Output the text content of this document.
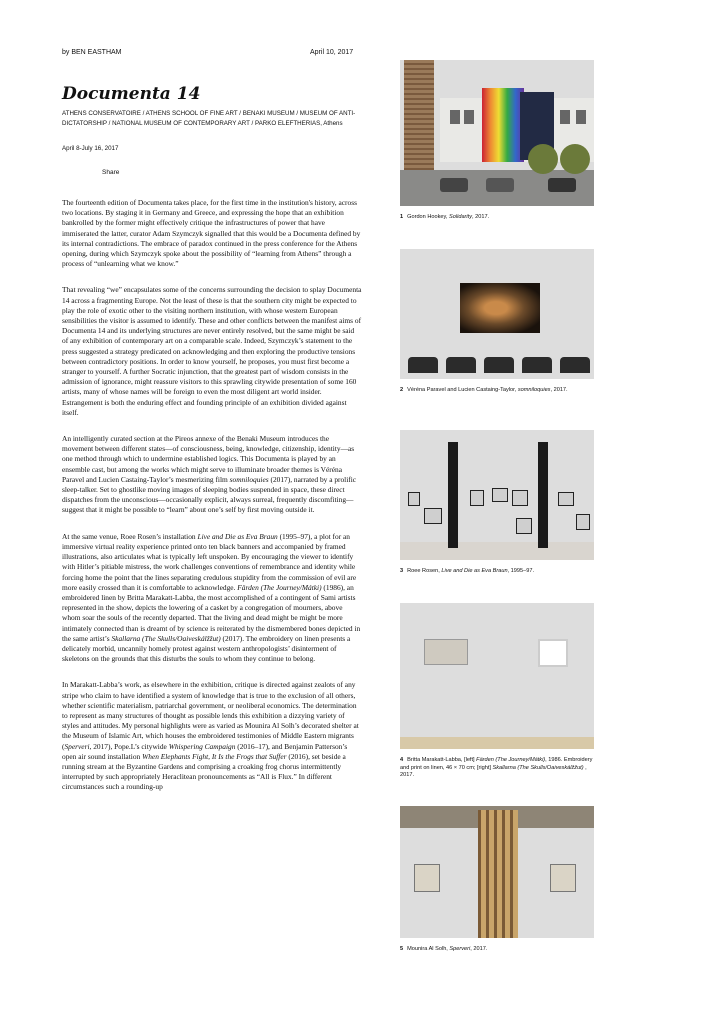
by BEN EASTHAM	April 10, 2017
Documenta 14
ATHENS CONSERVATOIRE / ATHENS SCHOOL OF FINE ART / BENAKI MUSEUM / MUSEUM OF ANTI-DICTATORSHIP / NATIONAL MUSEUM OF CONTEMPORARY ART / PARKO ELEFTHERIAS, Athens
April 8-July 16, 2017
Share

The fourteenth edition of Documenta takes place, for the first time in the institution's history, across two locations. By staging it in Germany and Greece, and expressing the hope that an exhibition bankrolled by the former might effectively critique the infrastructures of power that have immiserated the latter, curator Adam Szymczyk signalled that this would be a Documenta defined by its internal contradictions. The embrace of paradox continued in the press conference for the Athens opening, during which Szymczyk spoke about the possibility of “learning from Athens” through a process of “unlearning what we know.”

That revealing “we” encapsulates some of the concerns surrounding the decision to splay Documenta 14 across a fragmenting Europe. Not the least of these is that the southern city might be expected to play the role of exotic other to the visiting northern institution, with whose western European sensibilities the visitor is assumed to identify. These and other conflicts between the manifest aims of Documenta 14 and its underlying structures are never entirely resolved, but the same might be said of any exhibition of contemporary art on a comparable scale. Indeed, Szymczyk’s statement to the press suggested a strategy predicated on acknowledging and then exploring the productive tensions between contradictory positions. In order to know yourself, he proposes, you must first become a stranger to yourself. A further Socratic injunction, that the greatest part of wisdom consists in the admission of ignorance, might reassure visitors to this sprawling citywide presentation of some 160 artists, many of whose names will be foreign to even the most diligent art world insider. Estrangement is both the enduring effect and founding principle of an exhibition divided against itself.

An intelligently curated section at the Pireos annexe of the Benaki Museum introduces the movement between different states—of consciousness, being, knowledge, citizenship, identity—as one method through which to undermine established logics. This Documenta is played by an ensemble cast, but among the works which might serve to illuminate broader themes is Véréna Paravel and Lucien Castaing-Taylor’s mesmerizing film somniloquies (2017), narrated by a prolific sleep-talker. Set to ghostlike moving images of sleeping bodies suspended in space, these direct dispatches from the unconscious—occasionally explicit, always surreal, frequently discomfiting—suggest that it might be possible to “learn” about one’s self by first moving outside it.

At the same venue, Roee Rosen’s installation Live and Die as Eva Braun (1995–97), a plot for an immersive virtual reality experience printed onto ten black banners and accompanied by framed illustrations, also articulates what is typically left unspoken. By encouraging the viewer to identify with Hitler’s pitiable mistress, the work challenges conventions of remembrance and identity while forcing home the point that the lines separating credulous stupidity from the commission of evil are more easily crossed than it is comfortable to acknowledge. Färden (The Journey/Mátki) (1986), an embroidered linen by Britta Marakatt-Labba, the most accomplished of a contingent of Sami artists represented in the show, depicts the lowering of a casket by a congregation of mourners, above whom soar the souls of the recently departed. That the living and dead might be might be more intimately connected than is dreamt of by science is reiterated by the dismembered bones depicted in the same artist’s Skallarna (The Skulls/Oaiveskálžžut) (2017). The embroidery on linen presents a delicately morbid, uncannily homely protest against western anthropologists’ disinterment of skeletons on the grounds that this disturbs the souls to whom they continue to belong.

In Marakatt-Labba’s work, as elsewhere in the exhibition, critique is directed against zealots of any stripe who claim to have identified a system of knowledge that is true to the exclusion of all others, whether scientific materialism, patriarchal government, or neoliberal economics. The determination to represent as many structures of thought as possible lends this exhibition a dizzying variety of styles and attitudes. My personal highlights were as varied as Mounira Al Solh’s decorated shelter at the Museum of Islamic Art, which houses the embroidered testimonies of Middle Eastern migrants (Sperveri, 2017), Pope.L’s citywide Whispering Campaign (2016–17), and Benjamin Patterson’s open air sound installation When Elephants Fight, It Is the Frogs that Suffer (2016), set beside a running stream at the Byzantine Gardens and comprising a croaking frog chorus intermittently interrupted by such appropriately Heraclitean pronouncements as “All is Flux.” In different circumstances such a rounding-up

1 Gordon Hookey, Solidarity, 2017.
2 Véréna Paravel and Lucien Castaing-Taylor, somniloquies, 2017.
3 Roee Rosen, Live and Die as Eva Braun, 1995–97.
4 Britta Marakatt-Labba, [left] Färden (The Journey/Mátki), 1986. Embroidery and print on linen, 46 × 70 cm; [right] Skallarna (The Skulls/Oaiveskálžžut) , 2017.
5 Mounira Al Solh, Sperveri, 2017.
